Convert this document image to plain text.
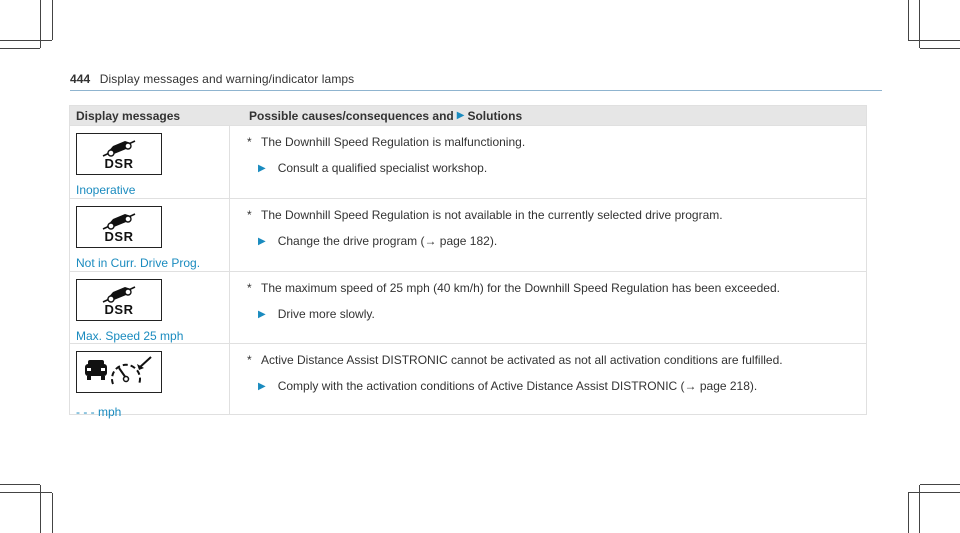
444 Display messages and warning/indicator lamps
Display messages	Possible causes/consequences and ▶ Solutions
DSR
Inoperative
* The Downhill Speed Regulation is malfunctioning.
▶ Consult a qualified specialist workshop.
DSR
Not in Curr. Drive Prog.
* The Downhill Speed Regulation is not available in the currently selected drive program.
▶ Change the drive program (→ page 182).
DSR
Max. Speed 25 mph
* The maximum speed of 25 mph (40 km/h) for the Downhill Speed Regulation has been exceeded.
▶ Drive more slowly.
- - - mph
* Active Distance Assist DISTRONIC cannot be activated as not all activation conditions are fulfilled.
▶ Comply with the activation conditions of Active Distance Assist DISTRONIC (→ page 218).
